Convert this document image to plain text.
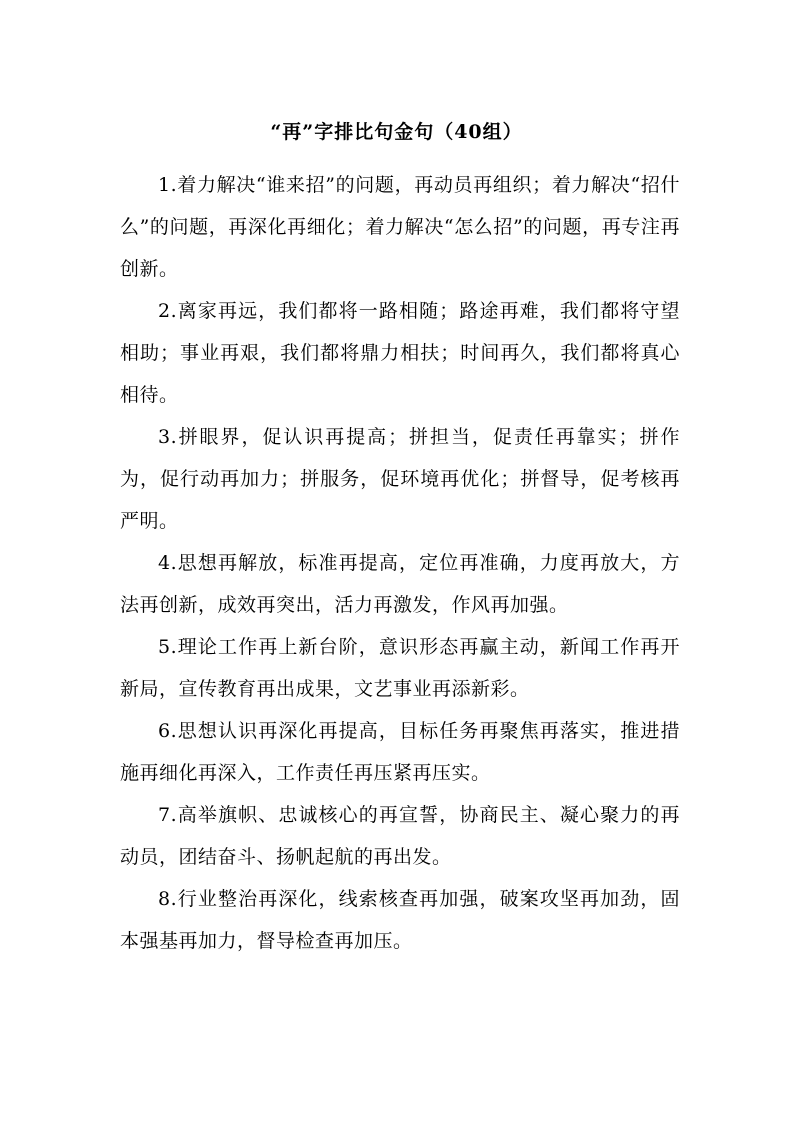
“再”字排比句金句（40组）

1.着力解决“谁来招”的问题，再动员再组织；着力解决“招什么”的问题，再深化再细化；着力解决“怎么招”的问题，再专注再创新。

2.离家再远，我们都将一路相随；路途再难，我们都将守望相助；事业再艰，我们都将鼎力相扶；时间再久，我们都将真心相待。

3.拼眼界，促认识再提高；拼担当，促责任再靠实；拼作为，促行动再加力；拼服务，促环境再优化；拼督导，促考核再严明。

4.思想再解放，标准再提高，定位再准确，力度再放大，方法再创新，成效再突出，活力再激发，作风再加强。

5.理论工作再上新台阶，意识形态再赢主动，新闻工作再开新局，宣传教育再出成果，文艺事业再添新彩。

6.思想认识再深化再提高，目标任务再聚焦再落实，推进措施再细化再深入，工作责任再压紧再压实。

7.高举旗帜、忠诚核心的再宣誓，协商民主、凝心聚力的再动员，团结奋斗、扬帆起航的再出发。

8.行业整治再深化，线索核查再加强，破案攻坚再加劲，固本强基再加力，督导检查再加压。
